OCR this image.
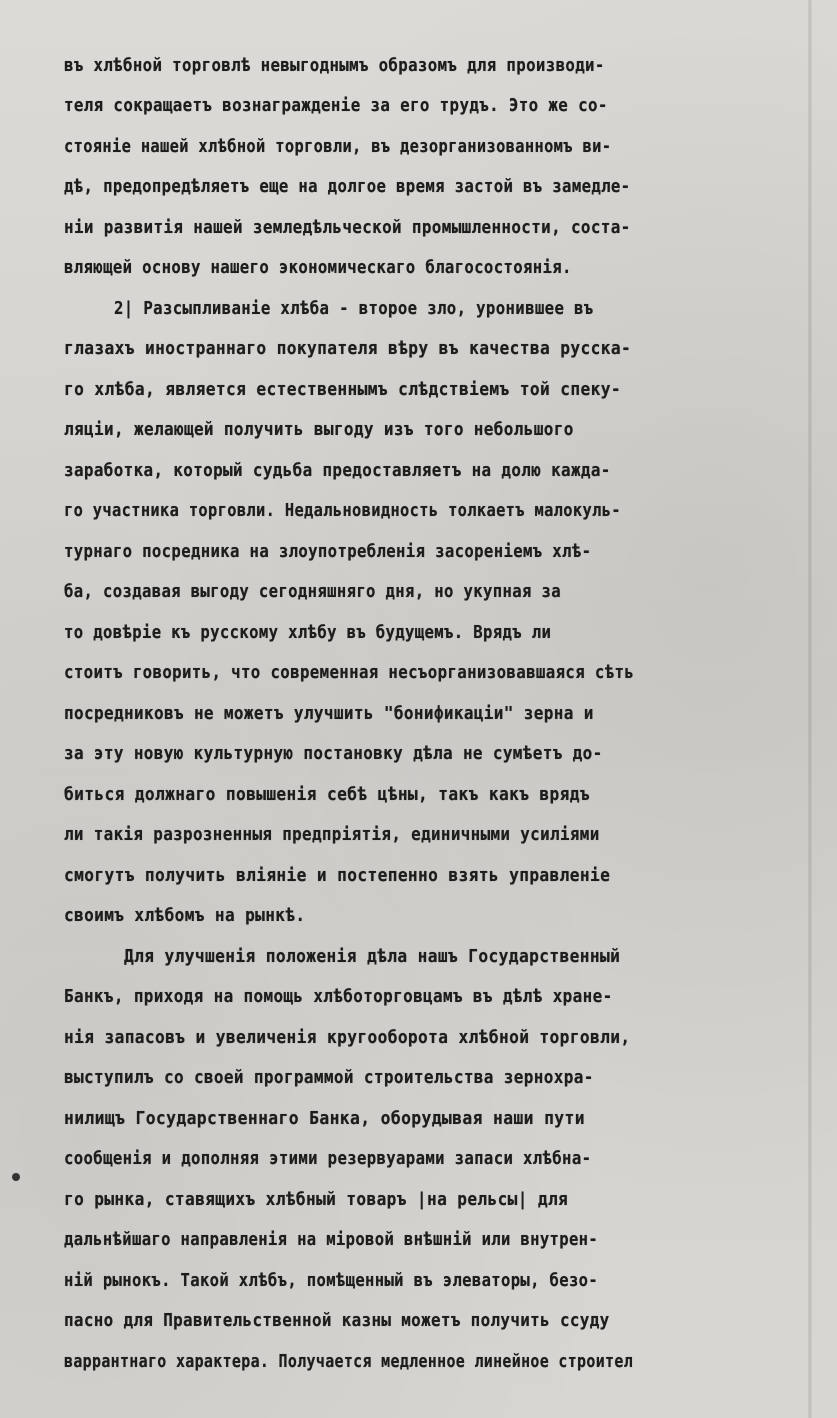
въ хлѣбной торговлѣ невыгоднымъ образомъ для производи-
теля сокращаетъ вознагражденіе за его трудъ. Это же со-
стояніе нашей хлѣбной торговли, въ дезорганизованномъ ви-
дѣ, предопредѣляетъ еще на долгое время застой въ замедле-
ніи развитія нашей земледѣльческой промышленности, соста-
вляющей основу нашего экономическаго благосостоянія.
2| Разсыпливаніе хлѣба - второе зло, уронившее въ
глазахъ иностраннаго покупателя вѣру въ качества русска-
го хлѣба, является естественнымъ слѣдствіемъ той спеку-
ляціи, желающей получить выгоду изъ того небольшого
заработка, который судьба предоставляетъ на долю кажда-
го участника торговли. Недальновидность толкаетъ малокуль-
турнаго посредника на злоупотребленія засореніемъ хлѣ-
ба, создавая выгоду сегодняшняго дня, но укупная за
то довѣріе къ русскому хлѣбу въ будущемъ. Врядъ ли
стоитъ говорить, что современная несъорганизовавшаяся сѣть
посредниковъ не можетъ улучшить "бонификаціи" зерна и
за эту новую культурную постановку дѣла не сумѣетъ до-
биться должнаго повышенія себѣ цѣны, такъ какъ врядъ
ли такія разрозненныя предпріятія, единичными усиліями
смогутъ получить вліяніе и постепенно взять управленіе
своимъ хлѣбомъ на рынкѣ.
Для улучшенія положенія дѣла нашъ Государственный
Банкъ, приходя на помощь хлѣботорговцамъ въ дѣлѣ хране-
нія запасовъ и увеличенія кругооборота хлѣбной торговли,
выступилъ со своей программой строительства зернохра-
нилищъ Государственнаго Банка, оборудывая наши пути
сообщенія и дополняя этими резервуарами запаси хлѣбна-
го рынка, ставящихъ хлѣбный товаръ |на рельсы| для
дальнѣйшаго направленія на міровой внѣшній или внутрен-
ній рынокъ. Такой хлѣбъ, помѣщенный въ элеваторы, безо-
пасно для Правительственной казны можетъ получить ссуду
варрантнаго характера. Получается медленное линейное строител
